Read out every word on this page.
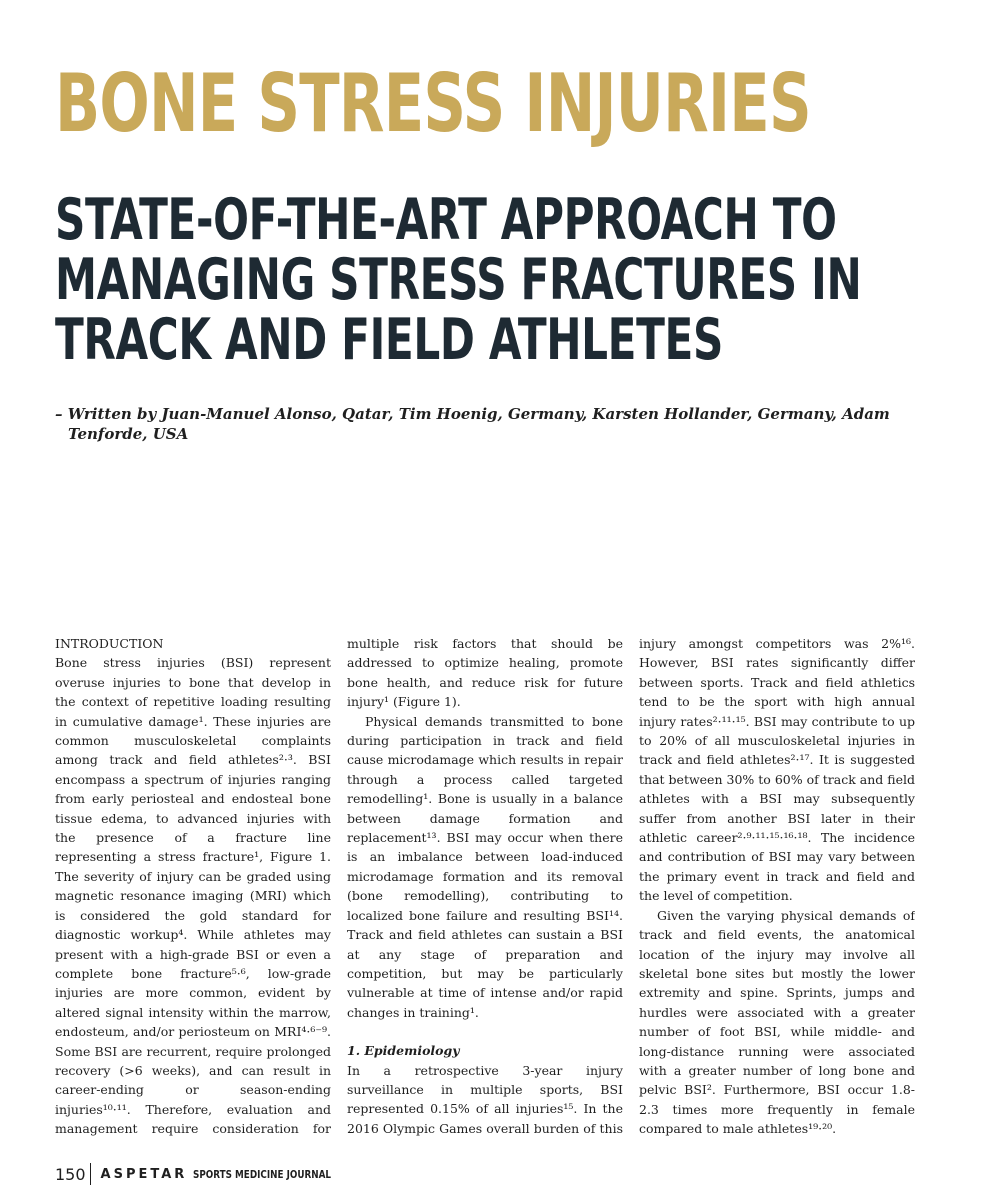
BONE STRESS INJURIES
STATE-OF-THE-ART APPROACH TO MANAGING STRESS FRACTURES IN TRACK AND FIELD ATHLETES
– Written by Juan-Manuel Alonso, Qatar, Tim Hoenig, Germany, Karsten Hollander, Germany, Adam Tenforde, USA

INTRODUCTION

Bone stress injuries (BSI) represent overuse injuries to bone that develop in the context of repetitive loading resulting in cumulative damage¹. These injuries are common musculoskeletal complaints among track and field athletes²·³. BSI encompass a spectrum of injuries ranging from early periosteal and endosteal bone tissue edema, to advanced injuries with the presence of a fracture line representing a stress fracture¹, Figure 1. The severity of injury can be graded using magnetic resonance imaging (MRI) which is considered the gold standard for diagnostic workup⁴. While athletes may present with a high-grade BSI or even a complete bone fracture⁵·⁶, low-grade injuries are more common, evident by altered signal intensity within the marrow, endosteum, and/or periosteum on MRI⁴·⁶⁻⁹. Some BSI are recurrent, require prolonged recovery (>6 weeks), and can result in career-ending or season-ending injuries¹⁰·¹¹. Therefore, evaluation and management require consideration for

multiple risk factors that should be addressed to optimize healing, promote bone health, and reduce risk for future injury¹ (Figure 1).

Physical demands transmitted to bone during participation in track and field cause microdamage which results in repair through a process called targeted remodelling¹. Bone is usually in a balance between damage formation and replacement¹³. BSI may occur when there is an imbalance between load-induced microdamage formation and its removal (bone remodelling), contributing to localized bone failure and resulting BSI¹⁴. Track and field athletes can sustain a BSI at any stage of preparation and competition, but may be particularly vulnerable at time of intense and/or rapid changes in training¹.

1. Epidemiology

In a retrospective 3-year injury surveillance in multiple sports, BSI represented 0.15% of all injuries¹⁵. In the 2016 Olympic Games overall burden of this

injury amongst competitors was 2%¹⁶. However, BSI rates significantly differ between sports. Track and field athletics tend to be the sport with high annual injury rates²·¹¹·¹⁵. BSI may contribute to up to 20% of all musculoskeletal injuries in track and field athletes²·¹⁷. It is suggested that between 30% to 60% of track and field athletes with a BSI may subsequently suffer from another BSI later in their athletic career²·⁹·¹¹·¹⁵·¹⁶·¹⁸. The incidence and contribution of BSI may vary between the primary event in track and field and the level of competition.

Given the varying physical demands of track and field events, the anatomical location of the injury may involve all skeletal bone sites but mostly the lower extremity and spine. Sprints, jumps and hurdles were associated with a greater number of foot BSI, while middle- and long-distance running were associated with a greater number of long bone and pelvic BSI². Furthermore, BSI occur 1.8-2.3 times more frequently in female compared to male athletes¹⁹·²⁰.

150 ASPETAR SPORTS MEDICINE JOURNAL
